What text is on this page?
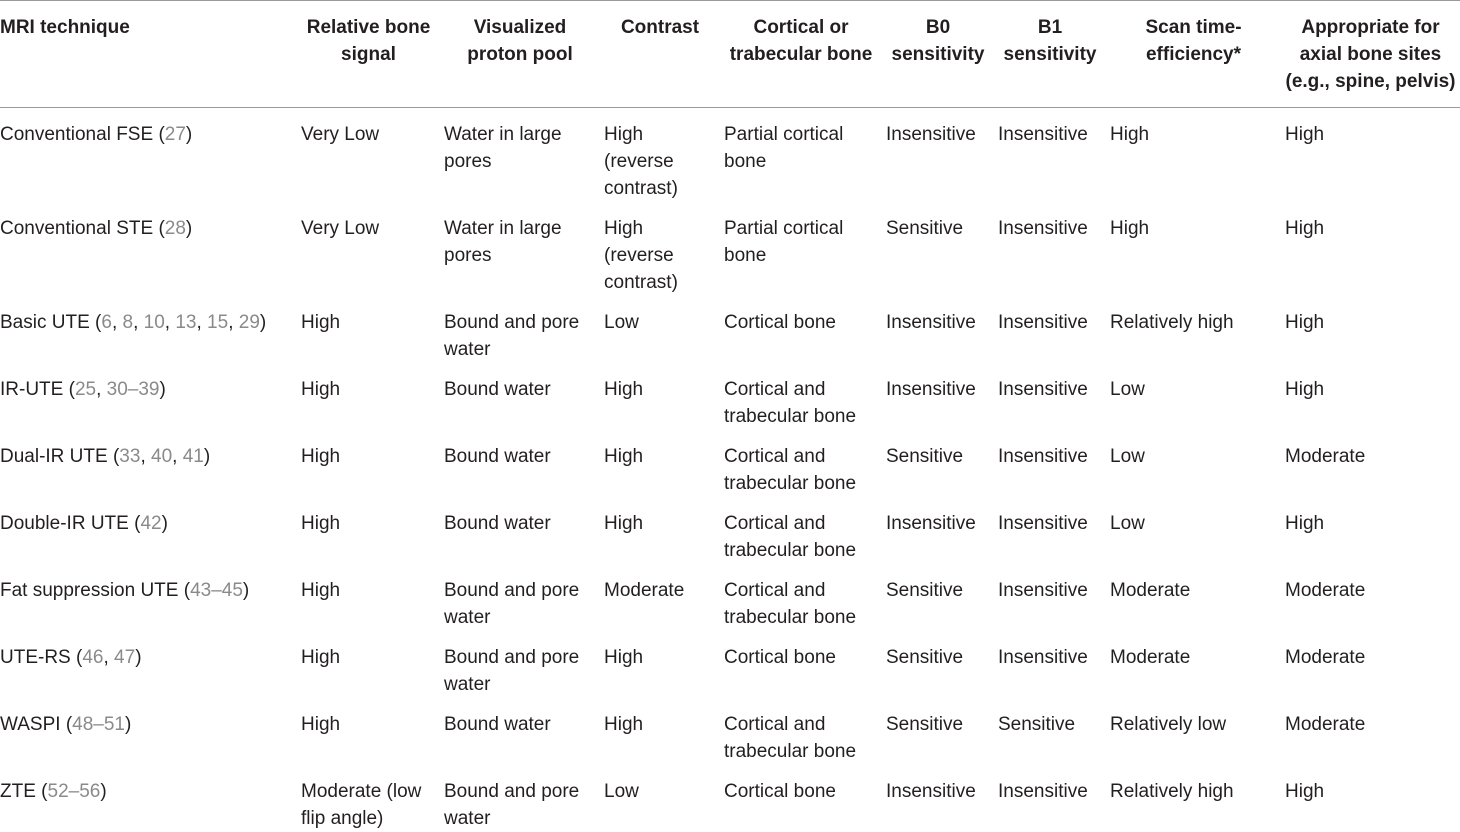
MRI technique	Relative bone signal	Visualized proton pool	Contrast	Cortical or trabecular bone	B0 sensitivity	B1 sensitivity	Scan time-efficiency*	Appropriate for axial bone sites (e.g., spine, pelvis)
Conventional FSE (27)	Very Low	Water in large pores	High (reverse contrast)	Partial cortical bone	Insensitive	Insensitive	High	High
Conventional STE (28)	Very Low	Water in large pores	High (reverse contrast)	Partial cortical bone	Sensitive	Insensitive	High	High
Basic UTE (6, 8, 10, 13, 15, 29)	High	Bound and pore water	Low	Cortical bone	Insensitive	Insensitive	Relatively high	High
IR-UTE (25, 30–39)	High	Bound water	High	Cortical and trabecular bone	Insensitive	Insensitive	Low	High
Dual-IR UTE (33, 40, 41)	High	Bound water	High	Cortical and trabecular bone	Sensitive	Insensitive	Low	Moderate
Double-IR UTE (42)	High	Bound water	High	Cortical and trabecular bone	Insensitive	Insensitive	Low	High
Fat suppression UTE (43–45)	High	Bound and pore water	Moderate	Cortical and trabecular bone	Sensitive	Insensitive	Moderate	Moderate
UTE-RS (46, 47)	High	Bound and pore water	High	Cortical bone	Sensitive	Insensitive	Moderate	Moderate
WASPI (48–51)	High	Bound water	High	Cortical and trabecular bone	Sensitive	Sensitive	Relatively low	Moderate
ZTE (52–56)	Moderate (low flip angle)	Bound and pore water	Low	Cortical bone	Insensitive	Insensitive	Relatively high	High
